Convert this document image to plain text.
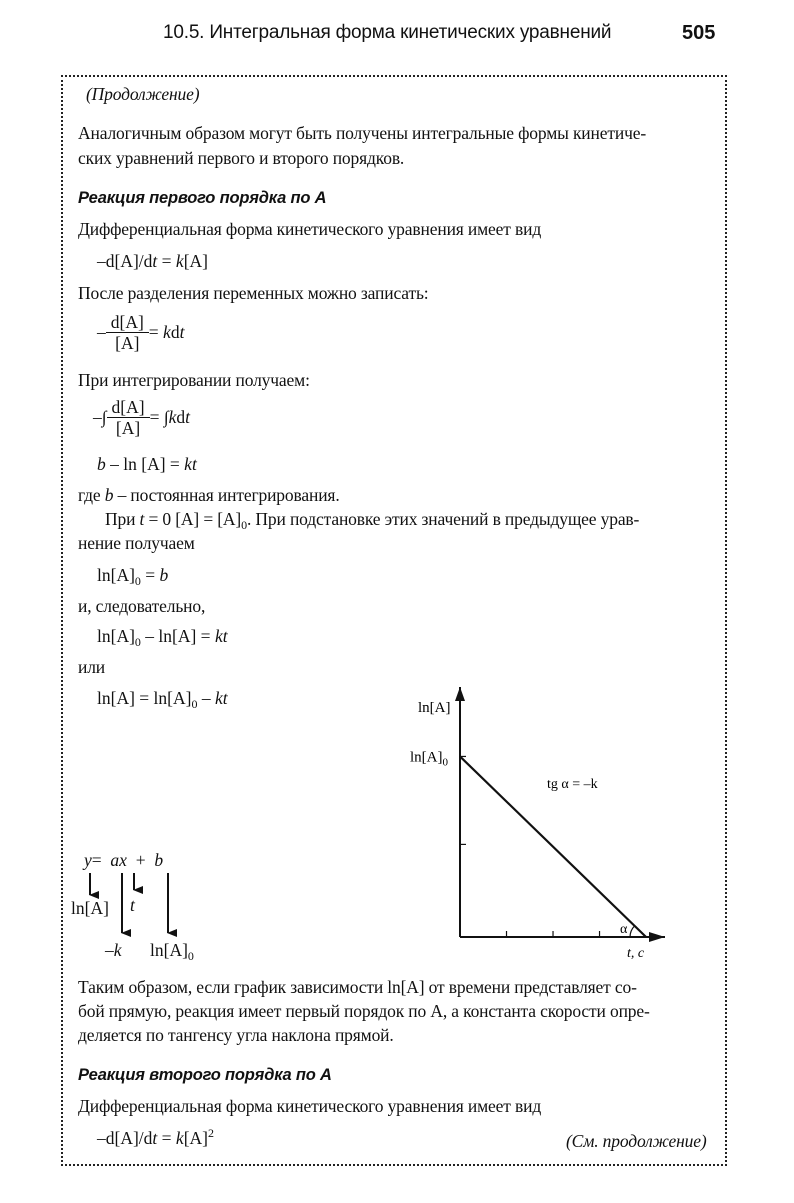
10.5. Интегральная форма кинетических уравнений	505
(Продолжение)
Аналогичным образом могут быть получены интегральные формы кинетиче-
ских уравнений первого и второго порядков.
Реакция первого порядка по А
Дифференциальная форма кинетического уравнения имеет вид
–d[A]/dt = k[A]
После разделения переменных можно записать:
– $\frac{d[A]}{[A]}$ = kdt
При интегрировании получаем:
–∫ $\frac{d[A]}{[A]} = \int kdt$
b – ln [A] = kt
где b – постоянная интегрирования.
При t = 0 $[A] = [A]_0$. При подстановке этих значений в предыдущее урав-
нение получаем
$\ln[A]_0 = b$
и, следовательно,
$\ln[A]_0 - \ln[A]$ = kt
или
$\ln[A] = \ln[A]_0$ – kt
y= ax + b
ln[A] t
–k $\ln[A]_0$
ln[A]
$\ln[A]_0$
tg α = –k
t, c
α
Таким образом, если график зависимости ln[A] от времени представляет со-
бой прямую, реакция имеет первый порядок по А, а константа скорости опре-
деляется по тангенсу угла наклона прямой.
Реакция второго порядка по А
Дифференциальная форма кинетического уравнения имеет вид
$-d[A]/dt = k[A]^2$	(См. продолжение)
